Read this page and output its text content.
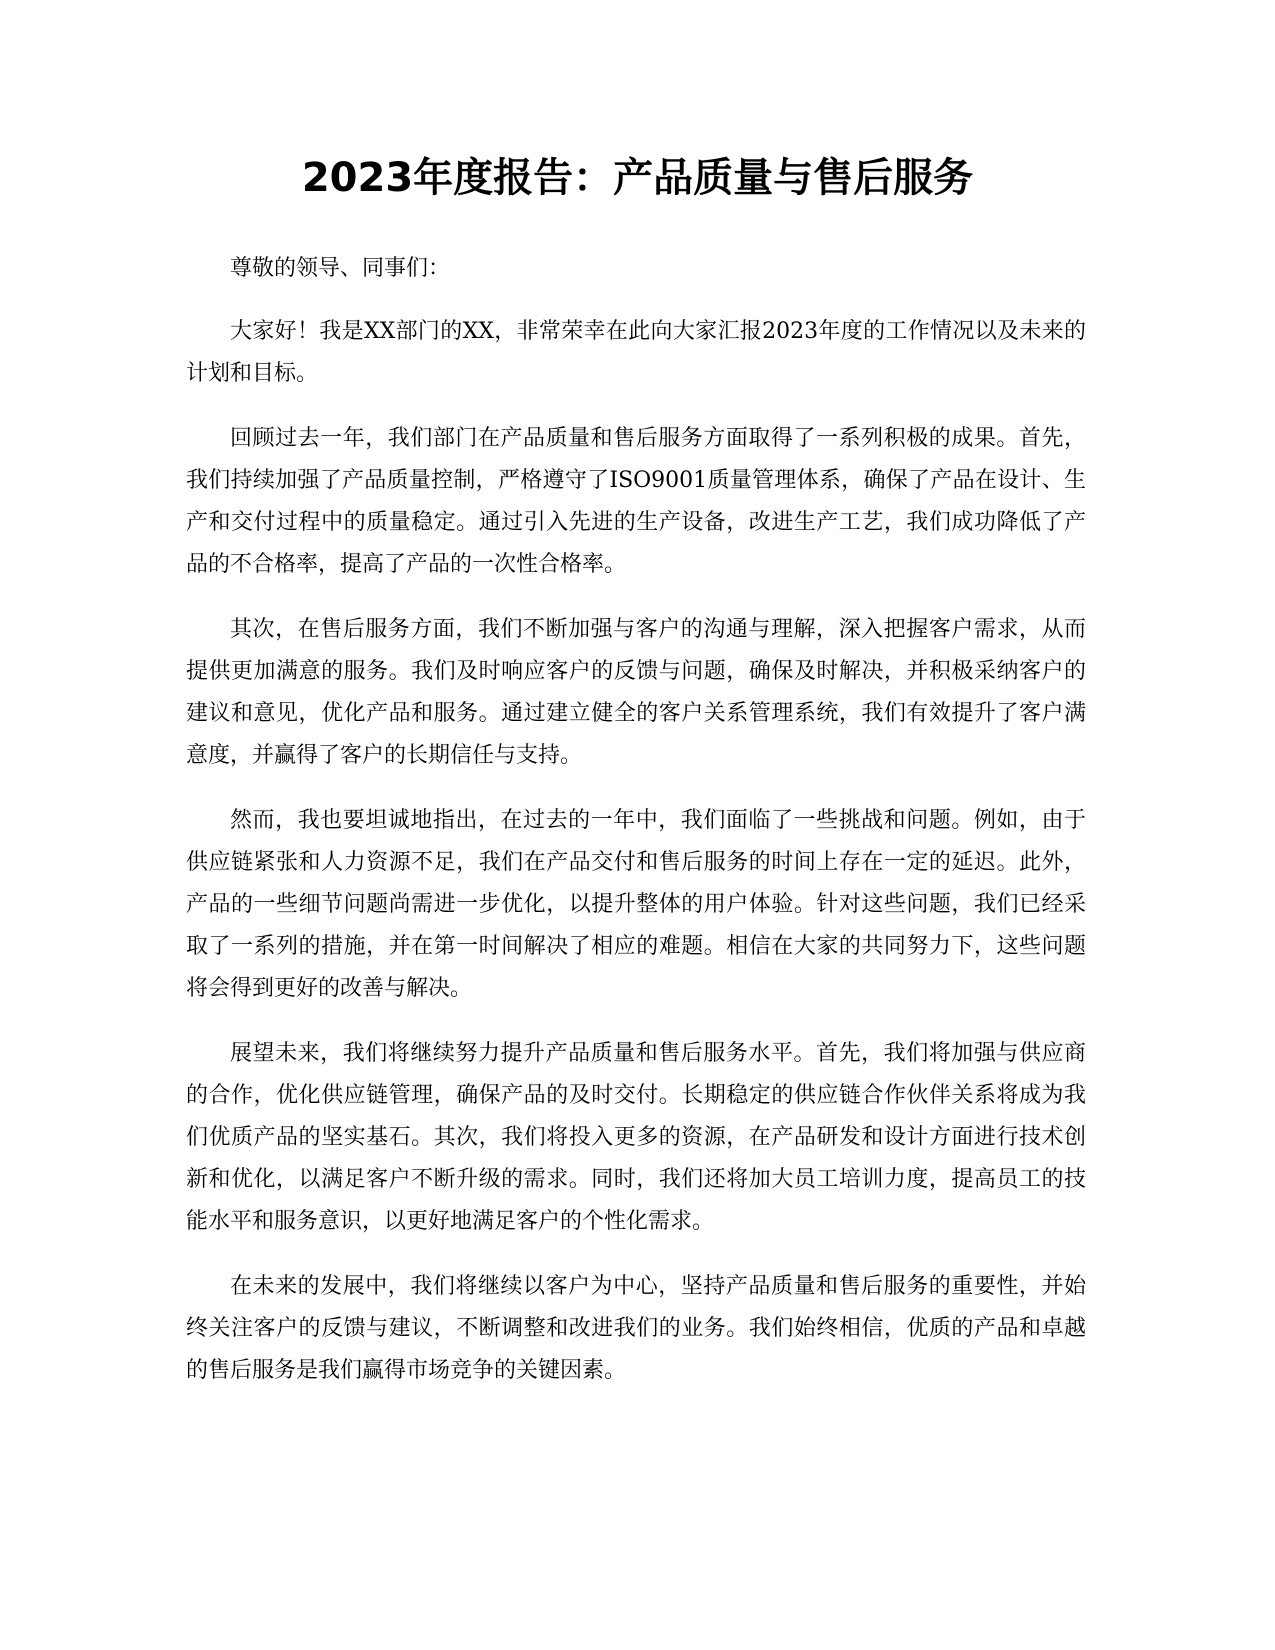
2023年度报告：产品质量与售后服务

尊敬的领导、同事们：

大家好！我是XX部门的XX，非常荣幸在此向大家汇报2023年度的工作情况以及未来的计划和目标。

回顾过去一年，我们部门在产品质量和售后服务方面取得了一系列积极的成果。首先，我们持续加强了产品质量控制，严格遵守了ISO9001质量管理体系，确保了产品在设计、生产和交付过程中的质量稳定。通过引入先进的生产设备，改进生产工艺，我们成功降低了产品的不合格率，提高了产品的一次性合格率。

其次，在售后服务方面，我们不断加强与客户的沟通与理解，深入把握客户需求，从而提供更加满意的服务。我们及时响应客户的反馈与问题，确保及时解决，并积极采纳客户的建议和意见，优化产品和服务。通过建立健全的客户关系管理系统，我们有效提升了客户满意度，并赢得了客户的长期信任与支持。

然而，我也要坦诚地指出，在过去的一年中，我们面临了一些挑战和问题。例如，由于供应链紧张和人力资源不足，我们在产品交付和售后服务的时间上存在一定的延迟。此外，产品的一些细节问题尚需进一步优化，以提升整体的用户体验。针对这些问题，我们已经采取了一系列的措施，并在第一时间解决了相应的难题。相信在大家的共同努力下，这些问题将会得到更好的改善与解决。

展望未来，我们将继续努力提升产品质量和售后服务水平。首先，我们将加强与供应商的合作，优化供应链管理，确保产品的及时交付。长期稳定的供应链合作伙伴关系将成为我们优质产品的坚实基石。其次，我们将投入更多的资源，在产品研发和设计方面进行技术创新和优化，以满足客户不断升级的需求。同时，我们还将加大员工培训力度，提高员工的技能水平和服务意识，以更好地满足客户的个性化需求。

在未来的发展中，我们将继续以客户为中心，坚持产品质量和售后服务的重要性，并始终关注客户的反馈与建议，不断调整和改进我们的业务。我们始终相信，优质的产品和卓越的售后服务是我们赢得市场竞争的关键因素。
